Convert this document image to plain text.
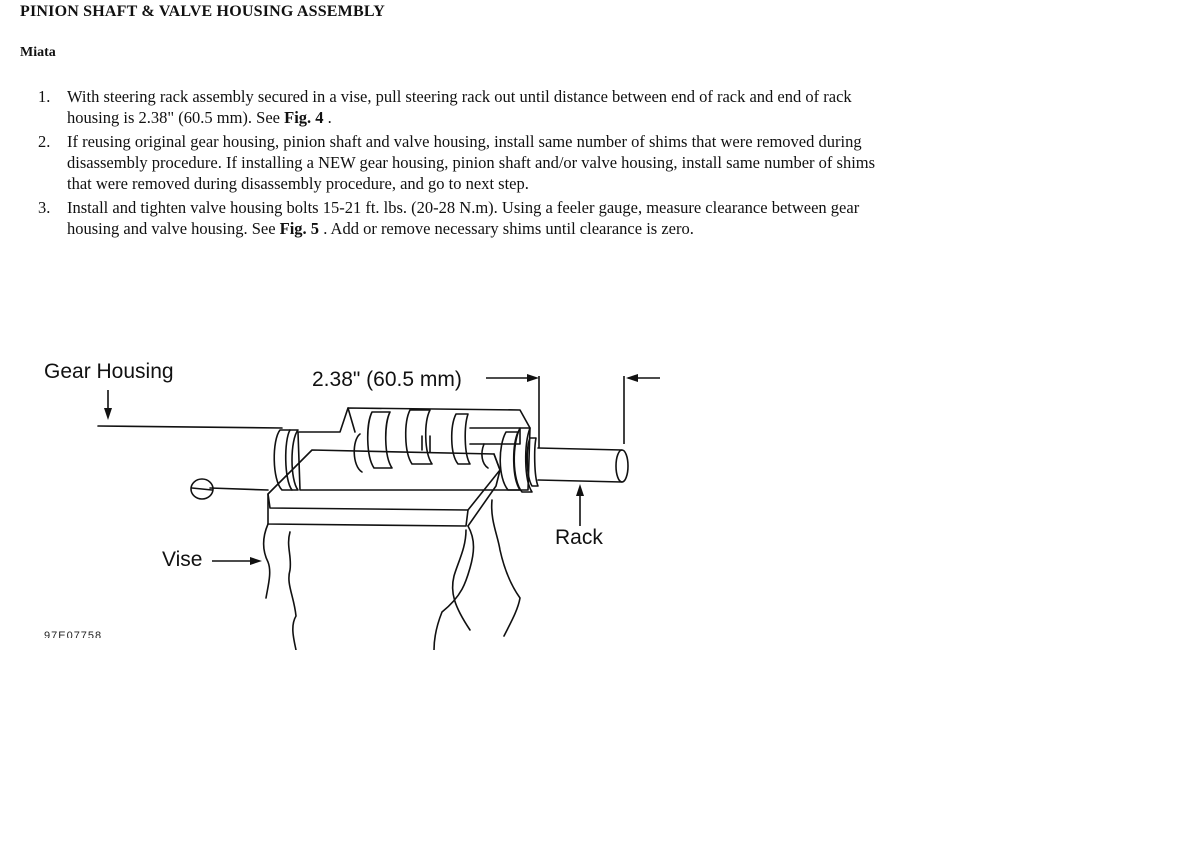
PINION SHAFT & VALVE HOUSING ASSEMBLY
Miata
1. With steering rack assembly secured in a vise, pull steering rack out until distance between end of rack and end of rack housing is 2.38" (60.5 mm). See Fig. 4 .
2. If reusing original gear housing, pinion shaft and valve housing, install same number of shims that were removed during disassembly procedure. If installing a NEW gear housing, pinion shaft and/or valve housing, install same number of shims that were removed during disassembly procedure, and go to next step.
3. Install and tighten valve housing bolts 15-21 ft. lbs. (20-28 N.m). Using a feeler gauge, measure clearance between gear housing and valve housing. See Fig. 5 . Add or remove necessary shims until clearance is zero.
Gear Housing	2.38" (60.5 mm)
Rack
Vise
97E07758
